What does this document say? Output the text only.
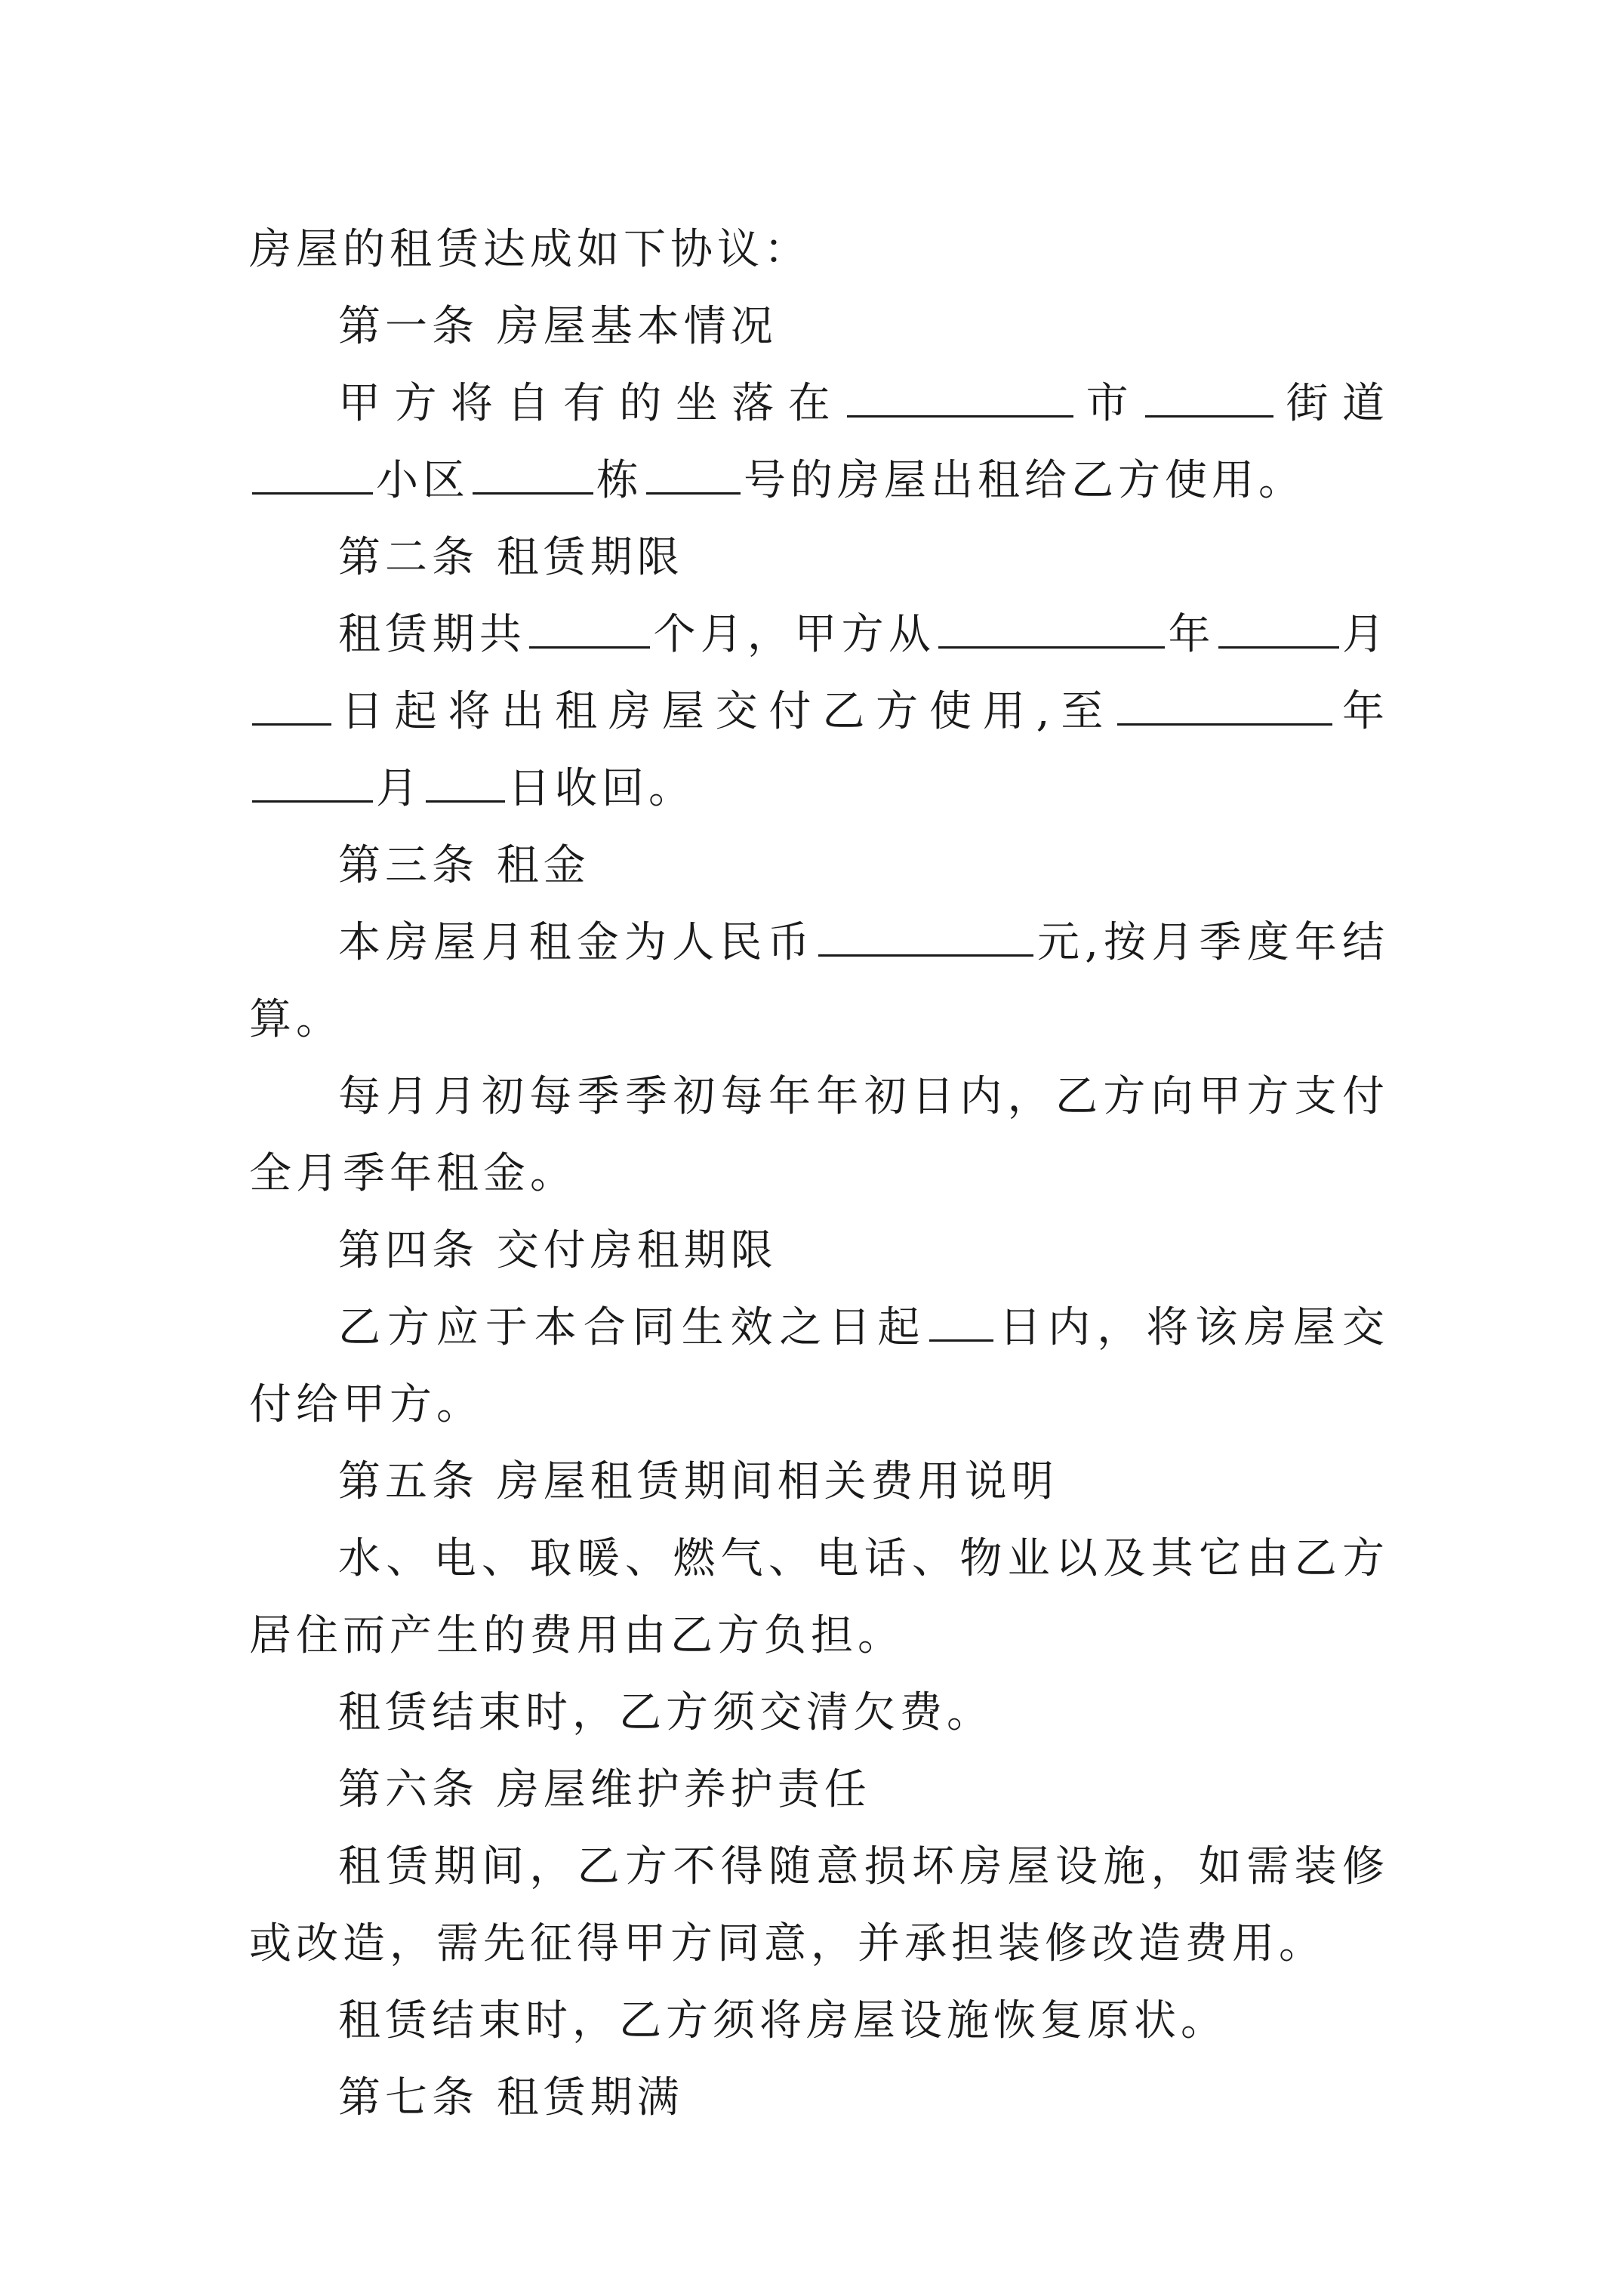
房屋的租赁达成如下协议：

第一条 房屋基本情况

甲方将自有的坐落在	市	街道小区	栋 号的房屋出租给乙方使用。

第二条 租赁期限

租赁期共	个月，甲方从	年	月日起将出租房屋交付乙方使用,至	年月 日收回。

第三条 租金

本房屋月租金为人民币	元,按月季度年结算。

每月月初每季季初每年年初日内，乙方向甲方支付全月季年租金。

第四条 交付房租期限

乙方应于本合同生效之日起 日内，将该房屋交付给甲方。

第五条 房屋租赁期间相关费用说明

水、电、取暖、燃气、电话、物业以及其它由乙方居住而产生的费用由乙方负担。

租赁结束时，乙方须交清欠费。

第六条 房屋维护养护责任

租赁期间，乙方不得随意损坏房屋设施，如需装修或改造，需先征得甲方同意，并承担装修改造费用。

租赁结束时，乙方须将房屋设施恢复原状。

第七条 租赁期满
